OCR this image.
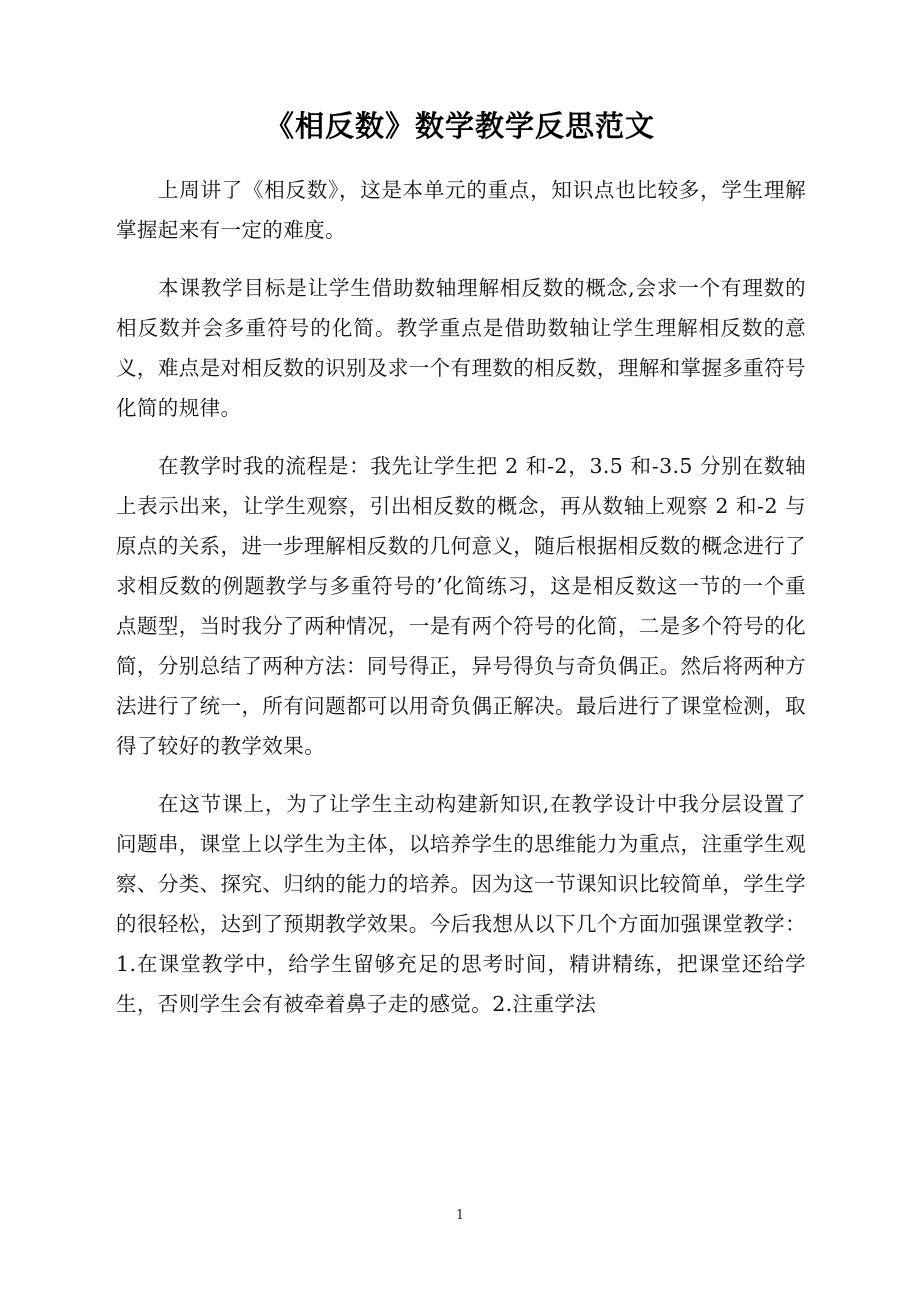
《相反数》数学教学反思范文

上周讲了《相反数》，这是本单元的重点，知识点也比较多，学生理解掌握起来有一定的难度。

本课教学目标是让学生借助数轴理解相反数的概念,会求一个有理数的相反数并会多重符号的化简。教学重点是借助数轴让学生理解相反数的意义，难点是对相反数的识别及求一个有理数的相反数，理解和掌握多重符号化简的规律。

在教学时我的流程是：我先让学生把 2 和-2，3.5 和-3.5 分别在数轴上表示出来，让学生观察，引出相反数的概念，再从数轴上观察 2 和-2 与原点的关系，进一步理解相反数的几何意义，随后根据相反数的概念进行了求相反数的例题教学与多重符号的’化简练习，这是相反数这一节的一个重点题型，当时我分了两种情况，一是有两个符号的化简，二是多个符号的化简，分别总结了两种方法：同号得正，异号得负与奇负偶正。然后将两种方法进行了统一，所有问题都可以用奇负偶正解决。最后进行了课堂检测，取得了较好的教学效果。

在这节课上，为了让学生主动构建新知识,在教学设计中我分层设置了问题串，课堂上以学生为主体，以培养学生的思维能力为重点，注重学生观察、分类、探究、归纳的能力的培养。因为这一节课知识比较简单，学生学的很轻松，达到了预期教学效果。今后我想从以下几个方面加强课堂教学：1.在课堂教学中，给学生留够充足的思考时间，精讲精练，把课堂还给学生，否则学生会有被牵着鼻子走的感觉。2.注重学法

1
